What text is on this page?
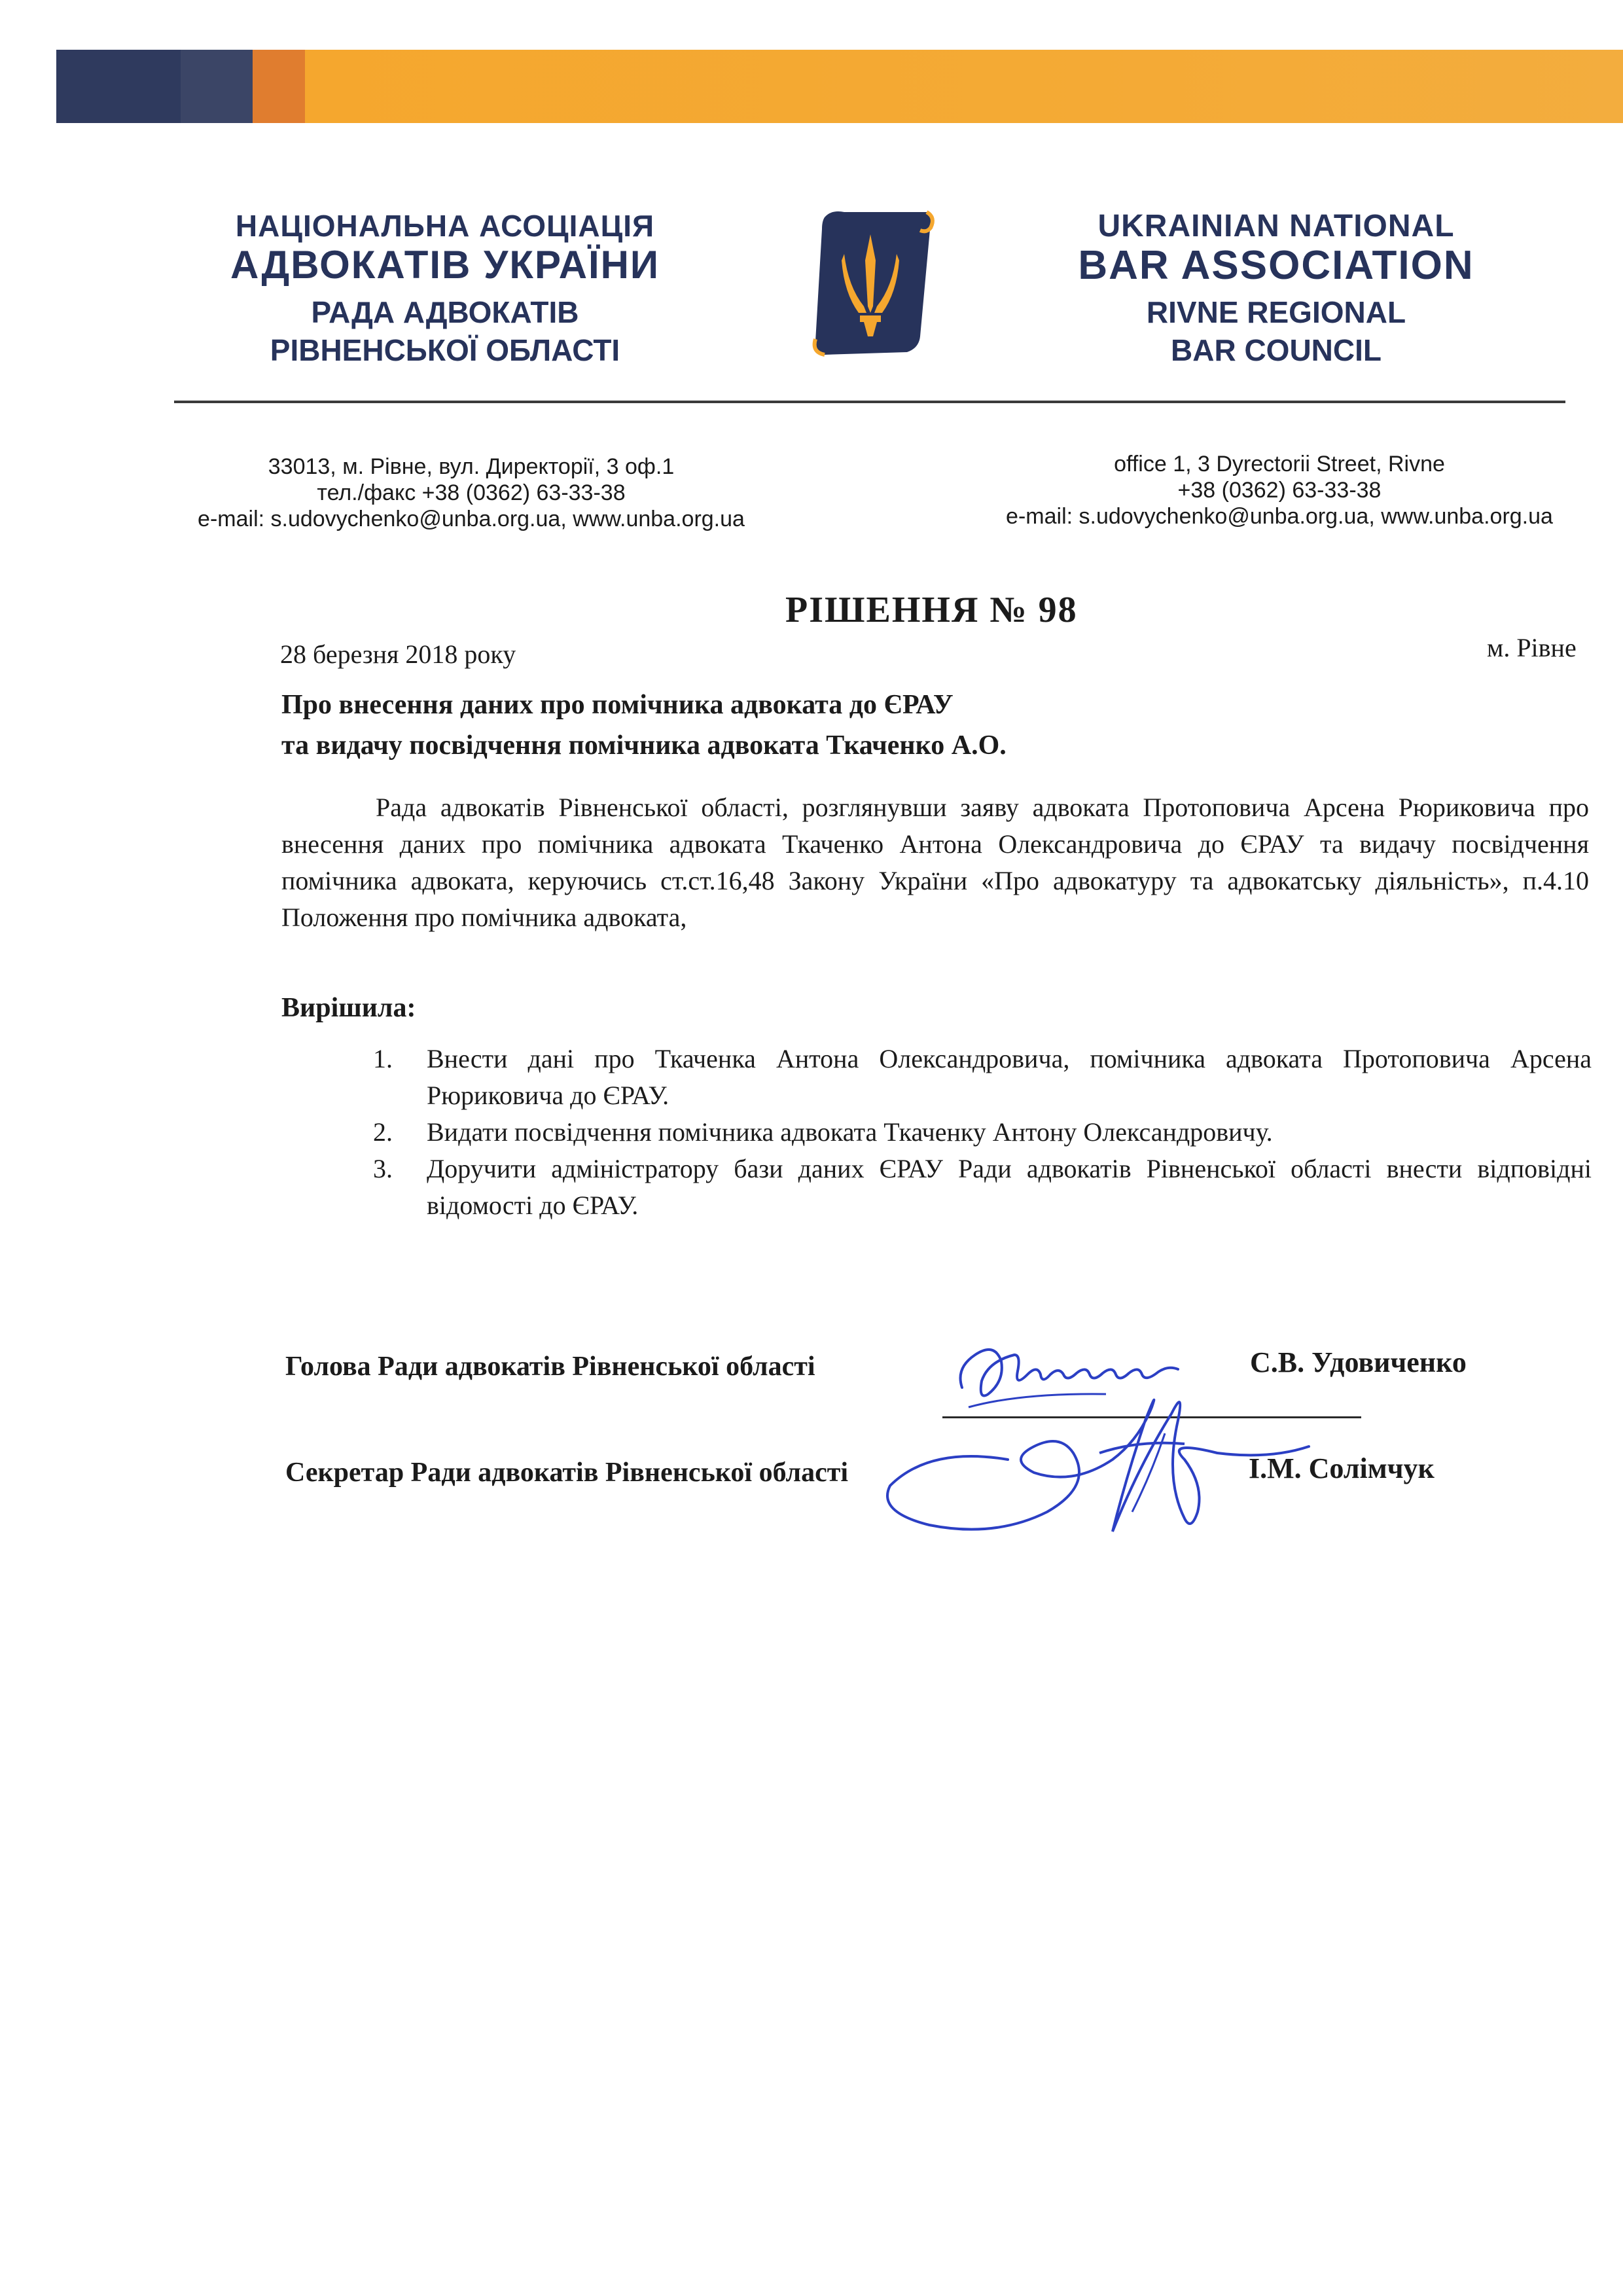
НАЦІОНАЛЬНА АСОЦІАЦІЯ
АДВОКАТІВ УКРАЇНИ
РАДА АДВОКАТІВ
РІВНЕНСЬКОЇ ОБЛАСТІ
UKRAINIAN NATIONAL
BAR ASSOCIATION
RIVNE REGIONAL
BAR COUNCIL
33013, м. Рівне, вул. Директорії, 3 оф.1
тел./факс +38 (0362) 63-33-38
e-mail: s.udovychenko@unba.org.ua, www.unba.org.ua
office 1, 3 Dyrectorii Street, Rivne
+38 (0362) 63-33-38
e-mail: s.udovychenko@unba.org.ua, www.unba.org.ua
РІШЕННЯ № 98
28 березня 2018 року	м. Рівне
Про внесення даних про помічника адвоката до ЄРАУ
та видачу посвідчення помічника адвоката Ткаченко А.О.
Рада адвокатів Рівненської області, розглянувши заяву адвоката Протоповича Арсена Рюриковича про внесення даних про помічника адвоката Ткаченко Антона Олександровича до ЄРАУ та видачу посвідчення помічника адвоката, керуючись ст.ст.16,48 Закону України «Про адвокатуру та адвокатську діяльність», п.4.10 Положення про помічника адвоката,
Вирішила:
1. Внести дані про Ткаченка Антона Олександровича, помічника адвоката Протоповича Арсена Рюриковича до ЄРАУ.
2. Видати посвідчення помічника адвоката Ткаченку Антону Олександровичу.
3. Доручити адміністратору бази даних ЄРАУ Ради адвокатів Рівненської області внести відповідні відомості до ЄРАУ.
Голова Ради адвокатів Рівненської області	С.В. Удовиченко
Секретар Ради адвокатів Рівненської області	І.М. Солімчук
